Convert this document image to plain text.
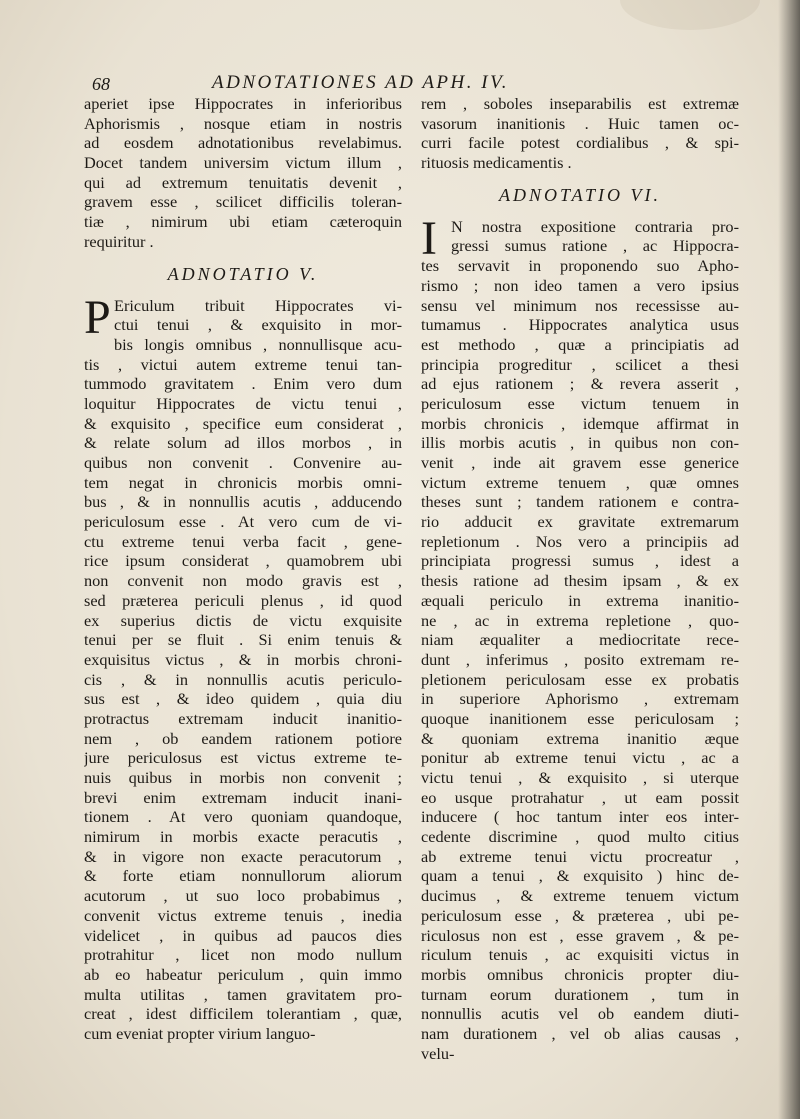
68	ADNOTATIONES AD APH. IV.
aperiet ipse Hippocrates in inferioribus
Aphorismis , nosque etiam in nostris
ad eosdem adnotationibus revelabimus.
Docet tandem universim victum illum ,
qui ad extremum tenuitatis devenit ,
gravem esse , scilicet difficilis toleran-
tiæ , nimirum ubi etiam cæteroquin
requiritur .
ADNOTATIO V.
P Ericulum tribuit Hippocrates vi-
ctui tenui , & exquisito in mor-
bis longis omnibus , nonnullisque acu-
tis , victui autem extreme tenui tan-
tummodo gravitatem . Enim vero dum
loquitur Hippocrates de victu tenui ,
& exquisito , specifice eum considerat ,
& relate solum ad illos morbos , in
quibus non convenit . Convenire au-
tem negat in chronicis morbis omni-
bus , & in nonnullis acutis , adducendo
periculosum esse . At vero cum de vi-
ctu extreme tenui verba facit , gene-
rice ipsum considerat , quamobrem ubi
non convenit non modo gravis est ,
sed præterea periculi plenus , id quod
ex superius dictis de victu exquisite
tenui per se fluit . Si enim tenuis &
exquisitus victus , & in morbis chroni-
cis , & in nonnullis acutis periculo-
sus est , & ideo quidem , quia diu
protractus extremam inducit inanitio-
nem , ob eandem rationem potiore
jure periculosus est victus extreme te-
nuis quibus in morbis non convenit ;
brevi enim extremam inducit inani-
tionem . At vero quoniam quandoque,
nimirum in morbis exacte peracutis ,
& in vigore non exacte peracutorum ,
& forte etiam nonnullorum aliorum
acutorum , ut suo loco probabimus ,
convenit victus extreme tenuis , inedia
videlicet , in quibus ad paucos dies
protrahitur , licet non modo nullum
ab eo habeatur periculum , quin immo
multa utilitas , tamen gravitatem pro-
creat , idest difficilem tolerantiam , quæ,
cum eveniat propter virium languo-
rem , soboles inseparabilis est extremæ
vasorum inanitionis . Huic tamen oc-
curri facile potest cordialibus , & spi-
rituosis medicamentis .
ADNOTATIO VI.
I N nostra expositione contraria pro-
gressi sumus ratione , ac Hippocra-
tes servavit in proponendo suo Apho-
rismo ; non ideo tamen a vero ipsius
sensu vel minimum nos recessisse au-
tumamus . Hippocrates analytica usus
est methodo , quæ a principiatis ad
principia progreditur , scilicet a thesi
ad ejus rationem ; & revera asserit ,
periculosum esse victum tenuem in
morbis chronicis , idemque affirmat in
illis morbis acutis , in quibus non con-
venit , inde ait gravem esse generice
victum extreme tenuem , quæ omnes
theses sunt ; tandem rationem e contra-
rio adducit ex gravitate extremarum
repletionum . Nos vero a principiis ad
principiata progressi sumus , idest a
thesis ratione ad thesim ipsam , & ex
æquali periculo in extrema inanitio-
ne , ac in extrema repletione , quo-
niam æqualiter a mediocritate rece-
dunt , inferimus , posito extremam re-
pletionem periculosam esse ex probatis
in superiore Aphorismo , extremam
quoque inanitionem esse periculosam ;
& quoniam extrema inanitio æque
ponitur ab extreme tenui victu , ac a
victu tenui , & exquisito , si uterque
eo usque protrahatur , ut eam possit
inducere ( hoc tantum inter eos inter-
cedente discrimine , quod multo citius
ab extreme tenui victu procreatur ,
quam a tenui , & exquisito ) hinc de-
ducimus , & extreme tenuem victum
periculosum esse , & præterea , ubi pe-
riculosus non est , esse gravem , & pe-
riculum tenuis , ac exquisiti victus in
morbis omnibus chronicis propter diu-
turnam eorum durationem , tum in
nonnullis acutis vel ob eandem diuti-
nam durationem , vel ob alias causas ,
velu-
